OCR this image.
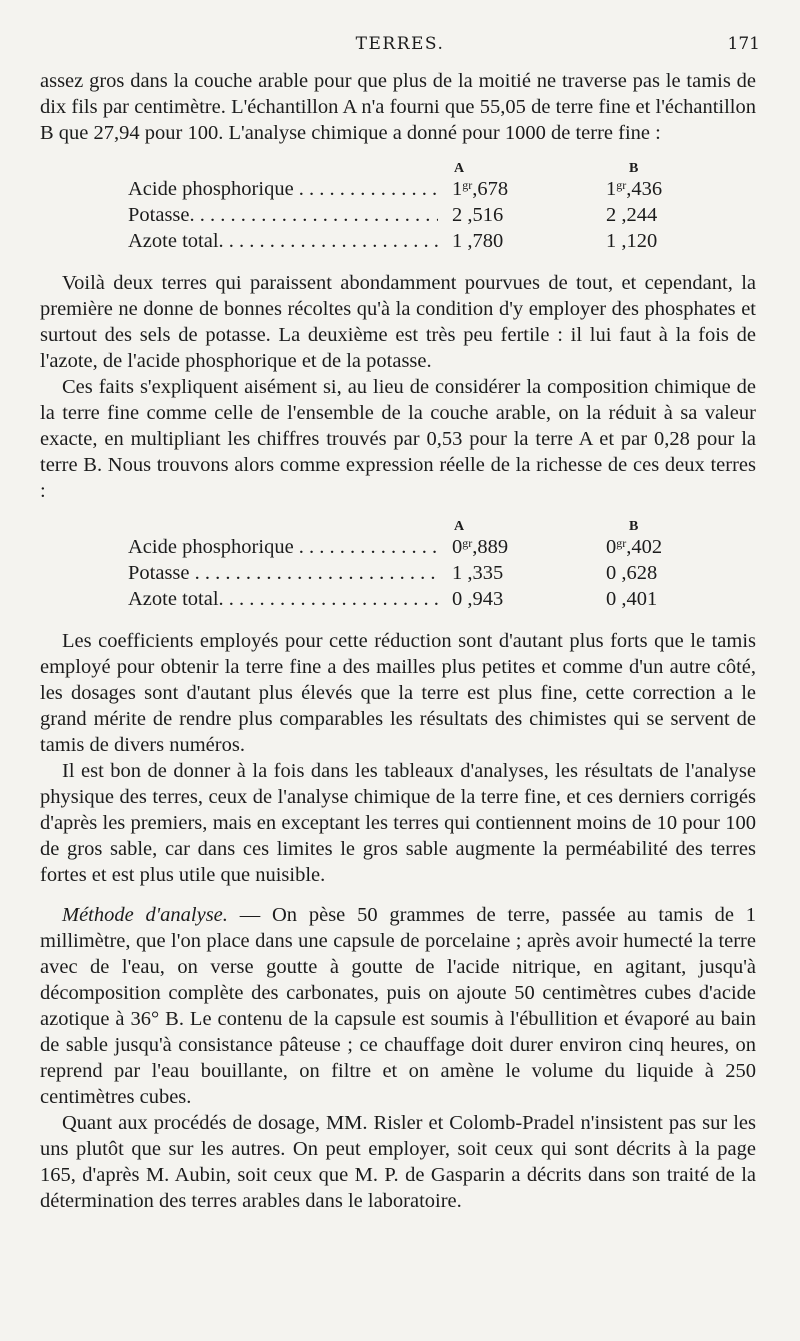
TERRES.	171

assez gros dans la couche arable pour que plus de la moitié ne traverse pas le tamis de dix fils par centimètre. L'échantillon A n'a fourni que 55,05 de terre fine et l'échantillon B que 27,94 pour 100. L'analyse chimique a donné pour 1000 de terre fine :

A	B
Acide phosphorique . . .	$1^{gr},678$	$1^{gr},436$
Potasse. . . .	2 ,516	2 ,244
Azote total. . . .	1 ,780	1 ,120

Voilà deux terres qui paraissent abondamment pourvues de tout, et cependant, la première ne donne de bonnes récoltes qu'à la condition d'y employer des phosphates et surtout des sels de potasse. La deuxième est très peu fertile : il lui faut à la fois de l'azote, de l'acide phosphorique et de la potasse.

Ces faits s'expliquent aisément si, au lieu de considérer la composition chimique de la terre fine comme celle de l'ensemble de la couche arable, on la réduit à sa valeur exacte, en multipliant les chiffres trouvés par 0,53 pour la terre A et par 0,28 pour la terre B. Nous trouvons alors comme expression réelle de la richesse de ces deux terres :

A	B
Acide phosphorique . . .	$0^{gr},889$	$0^{gr},402$
Potasse . . .	1 ,335	0 ,628
Azote total. . . .	0 ,943	0 ,401

Les coefficients employés pour cette réduction sont d'autant plus forts que le tamis employé pour obtenir la terre fine a des mailles plus petites et comme d'un autre côté, les dosages sont d'autant plus élevés que la terre est plus fine, cette correction a le grand mérite de rendre plus comparables les résultats des chimistes qui se servent de tamis de divers numéros.

Il est bon de donner à la fois dans les tableaux d'analyses, les résultats de l'analyse physique des terres, ceux de l'analyse chimique de la terre fine, et ces derniers corrigés d'après les premiers, mais en exceptant les terres qui contiennent moins de 10 pour 100 de gros sable, car dans ces limites le gros sable augmente la perméabilité des terres fortes et est plus utile que nuisible.

Méthode d'analyse. — On pèse 50 grammes de terre, passée au tamis de 1 millimètre, que l'on place dans une capsule de porcelaine ; après avoir humecté la terre avec de l'eau, on verse goutte à goutte de l'acide nitrique, en agitant, jusqu'à décomposition complète des carbonates, puis on ajoute 50 centimètres cubes d'acide azotique à 36° B. Le contenu de la capsule est soumis à l'ébullition et évaporé au bain de sable jusqu'à consistance pâteuse ; ce chauffage doit durer environ cinq heures, on reprend par l'eau bouillante, on filtre et on amène le volume du liquide à 250 centimètres cubes.

Quant aux procédés de dosage, MM. Risler et Colomb-Pradel n'insistent pas sur les uns plutôt que sur les autres. On peut employer, soit ceux qui sont décrits à la page 165, d'après M. Aubin, soit ceux que M. P. de Gasparin a décrits dans son traité de la détermination des terres arables dans le laboratoire.
